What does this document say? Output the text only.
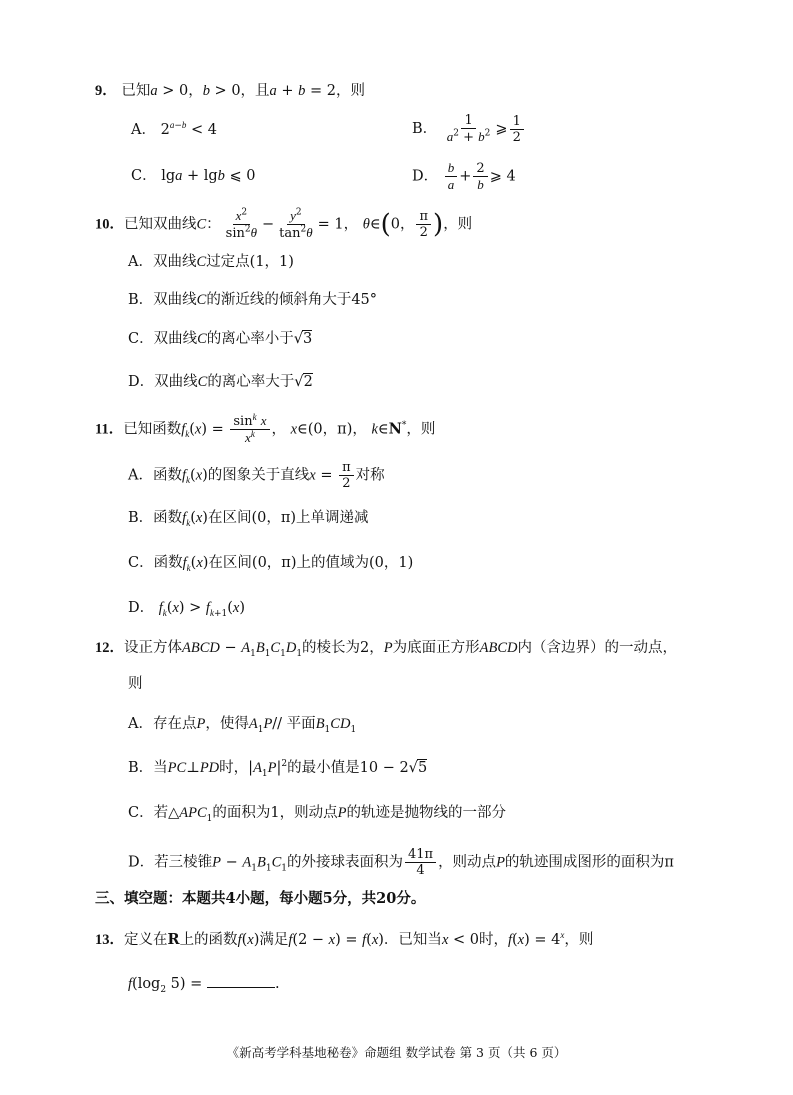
9． 已知a > 0，b > 0，且a + b = 2，则
A． $2^{a-b} < 4$	B． $\frac{1}{a^2 + b^2}$ ⩾ $\frac{1}{2}$
C． lga + lgb ⩽ 0	D． $\frac{b}{a} + \frac{2}{b}$ ⩾ 4
10．已知双曲线C： $\frac{x^2}{\sin^2\theta} - \frac{y^2}{\tan^2\theta} = 1$， θ∈(0， $\frac{\pi}{2}$ )，则
A．双曲线C过定点(1，1)
B．双曲线C的渐近线的倾斜角大于45°
C．双曲线C的离心率小于√3
D．双曲线C的离心率大于√2
11．已知函数$f_k(x) = \frac{\sin^k x}{x^k}$ ， x∈(0，π)， k∈N*，则
A．函数$f_k(x)$的图象关于直线$x = \frac{\pi}{2}$ 对称
B．函数$f_k(x)$在区间(0，π)上单调递减
C．函数$f_k(x)$在区间(0，π)上的值域为(0，1)
D． $f_k(x) > f_{k+1}(x)$
12．设正方体ABCD − $A_1B_1C_1D_1$的棱长为2，P为底面正方形ABCD内（含边界）的一动点，
则
A．存在点P，使得$A_1P//$ 平面$B_1CD_1$
B．当PC⊥PD时，$|A_1P|^2$的最小值是10 − 2√5
C．若$\triangle APC_1$的面积为1，则动点P的轨迹是抛物线的一部分
D．若三棱锥$P - A_1B_1C_1$的外接球表面积为 $\frac{41\pi}{4}$ ，则动点P的轨迹围成图形的面积为π
三、填空题：本题共4小题，每小题5分，共20分。
13．定义在R上的函数f(x)满足f(2 − x) = f(x)．已知当x < 0时，$f(x) = 4^x$，则
$f(\log_2$ 5) =	.
《新高考学科基地秘卷》命题组 数学试卷 第 3 页（共 6 页）
